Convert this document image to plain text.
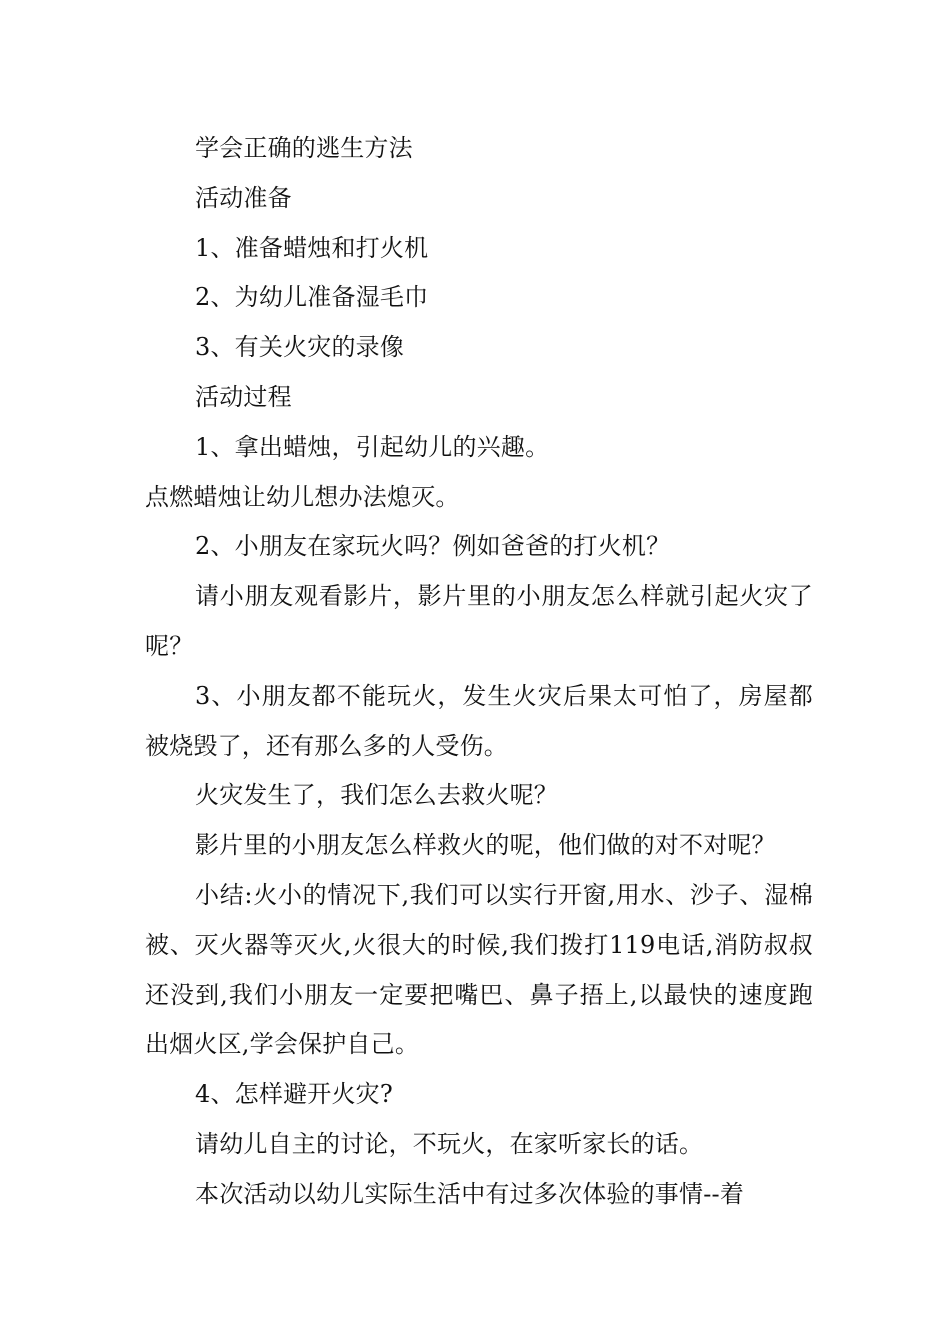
学会正确的逃生方法

活动准备

1、准备蜡烛和打火机

2、为幼儿准备湿毛巾

3、有关火灾的录像

活动过程

1、拿出蜡烛，引起幼儿的兴趣。

点燃蜡烛让幼儿想办法熄灭。

2、小朋友在家玩火吗？例如爸爸的打火机？

请小朋友观看影片，影片里的小朋友怎么样就引起火灾了呢？

3、小朋友都不能玩火，发生火灾后果太可怕了，房屋都被烧毁了，还有那么多的人受伤。

火灾发生了，我们怎么去救火呢？

影片里的小朋友怎么样救火的呢，他们做的对不对呢？

小结:火小的情况下,我们可以实行开窗,用水、沙子、湿棉被、灭火器等灭火,火很大的时候,我们拨打119电话,消防叔叔还没到,我们小朋友一定要把嘴巴、鼻子捂上,以最快的速度跑出烟火区,学会保护自己。

4、怎样避开火灾?

请幼儿自主的讨论，不玩火，在家听家长的话。

本次活动以幼儿实际生活中有过多次体验的事情--着
